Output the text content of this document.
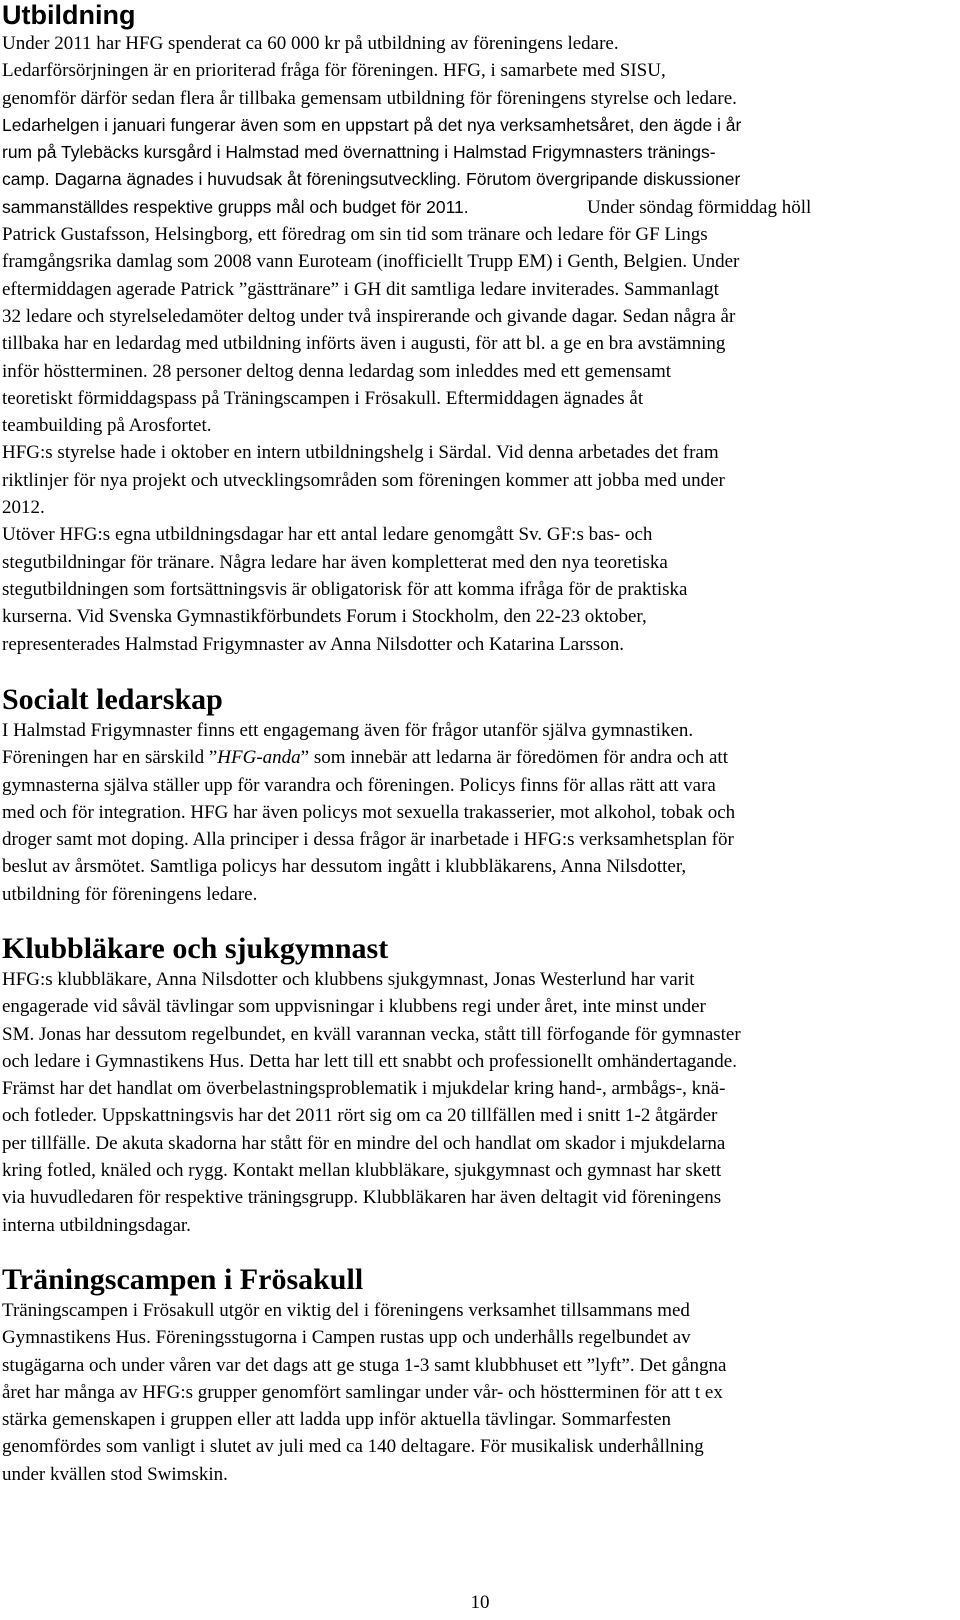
Utbildning

Under 2011 har HFG spenderat ca 60 000 kr på utbildning av föreningens ledare.
Ledarförsörjningen är en prioriterad fråga för föreningen. HFG, i samarbete med SISU,
genomför därför sedan flera år tillbaka gemensam utbildning för föreningens styrelse och ledare.

Ledarhelgen i januari fungerar även som en uppstart på det nya verksamhetsåret, den ägde i år
rum på Tylebäcks kursgård i Halmstad med övernattning i Halmstad Frigymnasters tränings-
camp. Dagarna ägnades i huvudsak åt föreningsutveckling. Förutom övergripande diskussioner
sammanställdes respektive grupps mål och budget för 2011.	Under söndag förmiddag höll
Patrick Gustafsson, Helsingborg, ett föredrag om sin tid som tränare och ledare för GF Lings
framgångsrika damlag som 2008 vann Euroteam (inofficiellt Trupp EM) i Genth, Belgien. Under
eftermiddagen agerade Patrick ”gästtränare” i GH dit samtliga ledare inviterades. Sammanlagt
32 ledare och styrelseledamöter deltog under två inspirerande och givande dagar. Sedan några år
tillbaka har en ledardag med utbildning införts även i augusti, för att bl. a ge en bra avstämning
inför höstterminen. 28 personer deltog denna ledardag som inleddes med ett gemensamt
teoretiskt förmiddagspass på Träningscampen i Frösakull. Eftermiddagen ägnades åt
teambuilding på Arosfortet.
HFG:s styrelse hade i oktober en intern utbildningshelg i Särdal. Vid denna arbetades det fram
riktlinjer för nya projekt och utvecklingsområden som föreningen kommer att jobba med under
2012.
Utöver HFG:s egna utbildningsdagar har ett antal ledare genomgått Sv. GF:s bas- och
stegutbildningar för tränare. Några ledare har även kompletterat med den nya teoretiska
stegutbildningen som fortsättningsvis är obligatorisk för att komma ifråga för de praktiska
kurserna. Vid Svenska Gymnastikförbundets Forum i Stockholm, den 22-23 oktober,
representerades Halmstad Frigymnaster av Anna Nilsdotter och Katarina Larsson.

Socialt ledarskap

I Halmstad Frigymnaster finns ett engagemang även för frågor utanför själva gymnastiken.
Föreningen har en särskild ”HFG-anda” som innebär att ledarna är föredömen för andra och att
gymnasterna själva ställer upp för varandra och föreningen. Policys finns för allas rätt att vara
med och för integration. HFG har även policys mot sexuella trakasserier, mot alkohol, tobak och
droger samt mot doping. Alla principer i dessa frågor är inarbetade i HFG:s verksamhetsplan för
beslut av årsmötet. Samtliga policys har dessutom ingått i klubbläkarens, Anna Nilsdotter,
utbildning för föreningens ledare.

Klubbläkare och sjukgymnast

HFG:s klubbläkare, Anna Nilsdotter och klubbens sjukgymnast, Jonas Westerlund har varit
engagerade vid såväl tävlingar som uppvisningar i klubbens regi under året, inte minst under
SM. Jonas har dessutom regelbundet, en kväll varannan vecka, stått till förfogande för gymnaster
och ledare i Gymnastikens Hus. Detta har lett till ett snabbt och professionellt omhändertagande.
Främst har det handlat om överbelastningsproblematik i mjukdelar kring hand-, armbågs-, knä-
och fotleder. Uppskattningsvis har det 2011 rört sig om ca 20 tillfällen med i snitt 1-2 åtgärder
per tillfälle. De akuta skadorna har stått för en mindre del och handlat om skador i mjukdelarna
kring fotled, knäled och rygg. Kontakt mellan klubbläkare, sjukgymnast och gymnast har skett
via huvudledaren för respektive träningsgrupp. Klubbläkaren har även deltagit vid föreningens
interna utbildningsdagar.

Träningscampen i Frösakull

Träningscampen i Frösakull utgör en viktig del i föreningens verksamhet tillsammans med
Gymnastikens Hus. Föreningsstugorna i Campen rustas upp och underhålls regelbundet av
stugägarna och under våren var det dags att ge stuga 1-3 samt klubbhuset ett ”lyft”. Det gångna
året har många av HFG:s grupper genomfört samlingar under vår- och höstterminen för att t ex
stärka gemenskapen i gruppen eller att ladda upp inför aktuella tävlingar. Sommarfesten
genomfördes som vanligt i slutet av juli med ca 140 deltagare. För musikalisk underhållning
under kvällen stod Swimskin.

10
